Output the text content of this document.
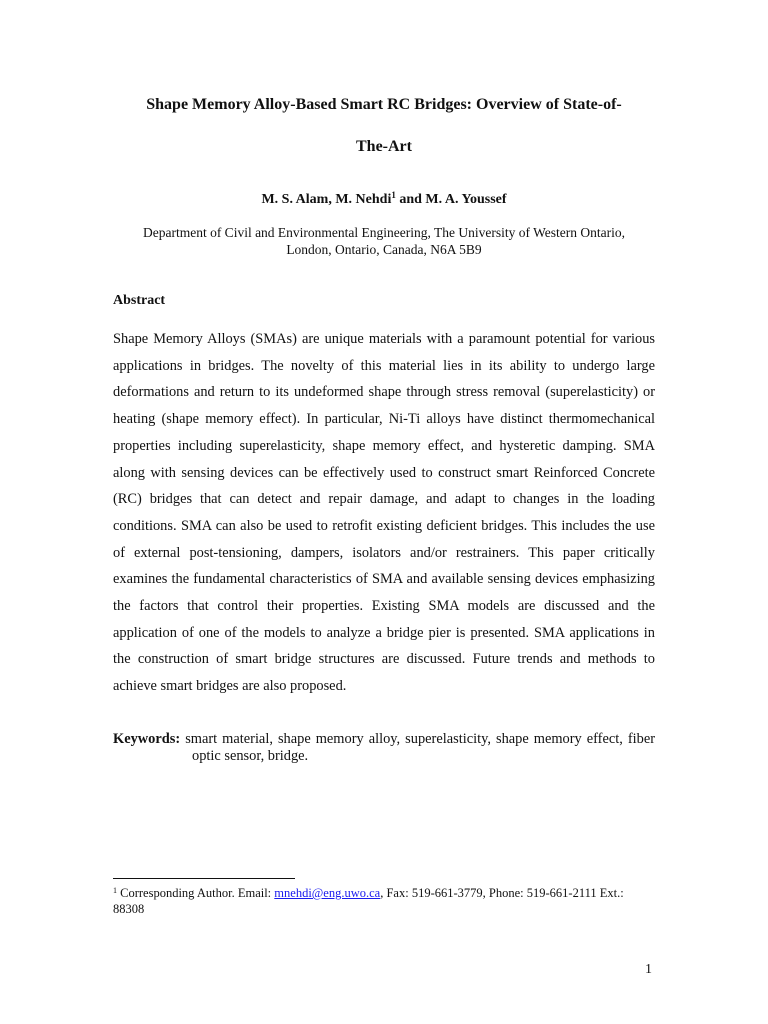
Shape Memory Alloy-Based Smart RC Bridges: Overview of State-of-

The-Art

M. S. Alam, M. Nehdi$^1$ and M. A. Youssef

Department of Civil and Environmental Engineering, The University of Western Ontario,
London, Ontario, Canada, N6A 5B9

Abstract

Shape Memory Alloys (SMAs) are unique materials with a paramount potential for various applications in bridges. The novelty of this material lies in its ability to undergo large deformations and return to its undeformed shape through stress removal (superelasticity) or heating (shape memory effect). In particular, Ni-Ti alloys have distinct thermomechanical properties including superelasticity, shape memory effect, and hysteretic damping. SMA along with sensing devices can be effectively used to construct smart Reinforced Concrete (RC) bridges that can detect and repair damage, and adapt to changes in the loading conditions. SMA can also be used to retrofit existing deficient bridges. This includes the use of external post-tensioning, dampers, isolators and/or restrainers. This paper critically examines the fundamental characteristics of SMA and available sensing devices emphasizing the factors that control their properties. Existing SMA models are discussed and the application of one of the models to analyze a bridge pier is presented. SMA applications in the construction of smart bridge structures are discussed. Future trends and methods to achieve smart bridges are also proposed.

Keywords: smart material, shape memory alloy, superelasticity, shape memory effect, fiber optic sensor, bridge.

$^1$ Corresponding Author. Email: mnehdi@eng.uwo.ca, Fax: 519-661-3779, Phone: 519-661-2111 Ext.: 88308

1
